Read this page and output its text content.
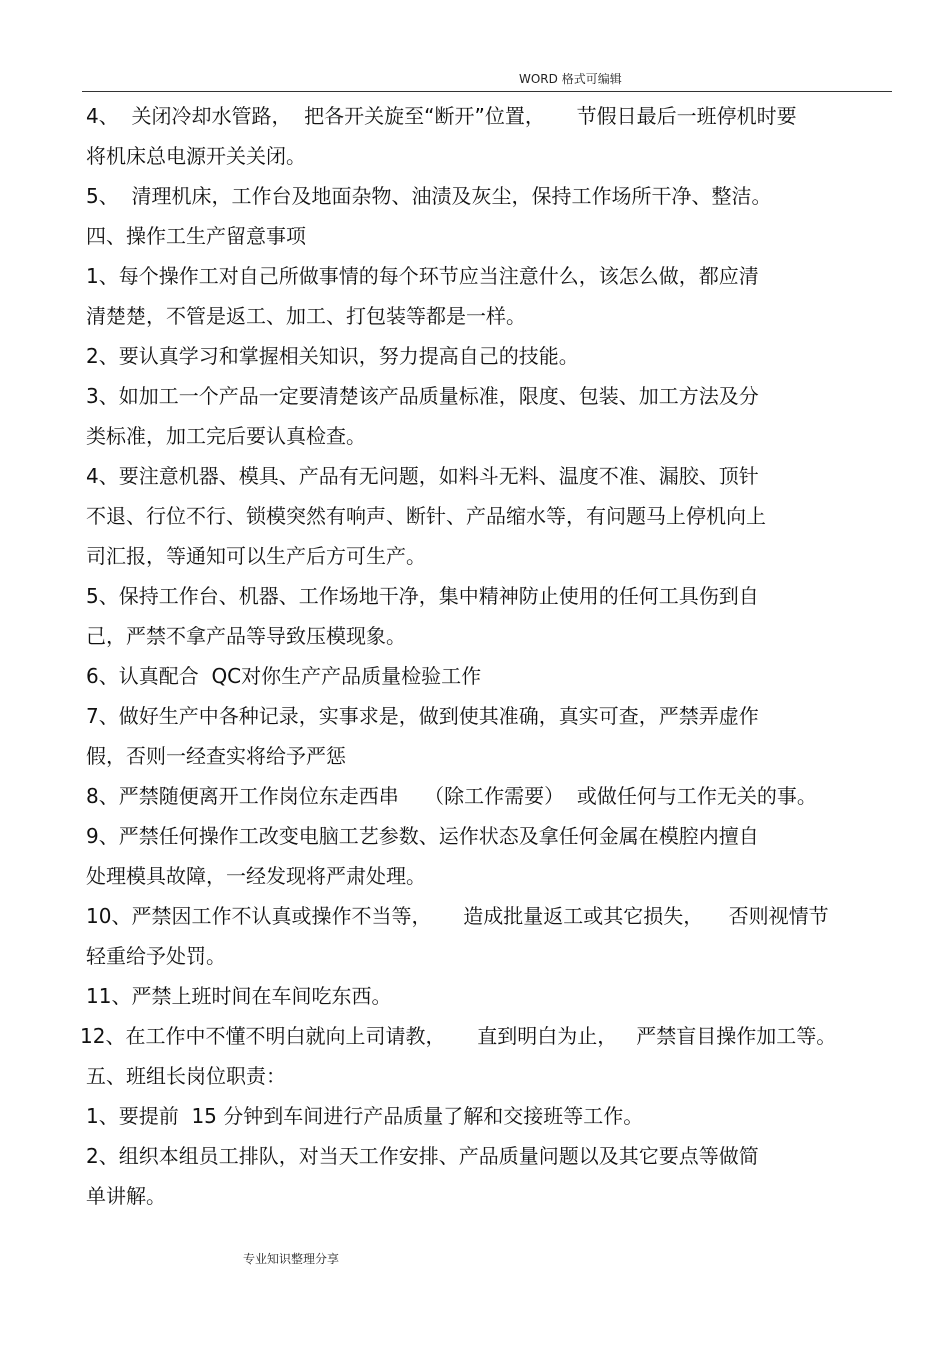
WORD 格式可编辑
4、  关闭冷却水管路，  把各开关旋至“断开”位置，     节假日最后一班停机时要
将机床总电源开关关闭。
5、  清理机床，工作台及地面杂物、油渍及灰尘，保持工作场所干净、整洁。
四、操作工生产留意事项
1、每个操作工对自己所做事情的每个环节应当注意什么，该怎么做，都应清
清楚楚，不管是返工、加工、打包装等都是一样。
2、要认真学习和掌握相关知识，努力提高自己的技能。
3、如加工一个产品一定要清楚该产品质量标准，限度、包装、加工方法及分
类标准，加工完后要认真检查。
4、要注意机器、模具、产品有无问题，如料斗无料、温度不准、漏胶、顶针
不退、行位不行、锁模突然有响声、断针、产品缩水等，有问题马上停机向上
司汇报，等通知可以生产后方可生产。
5、保持工作台、机器、工作场地干净，集中精神防止使用的任何工具伤到自
己，严禁不拿产品等导致压模现象。
6、认真配合  QC对你生产产品质量检验工作
7、做好生产中各种记录，实事求是，做到使其准确，真实可查，严禁弄虚作
假，否则一经查实将给予严惩
8、严禁随便离开工作岗位东走西串    （除工作需要）  或做任何与工作无关的事。
9、严禁任何操作工改变电脑工艺参数、运作状态及拿任何金属在模腔内擅自
处理模具故障，一经发现将严肃处理。
10、严禁因工作不认真或操作不当等，     造成批量返工或其它损失，    否则视情节
轻重给予处罚。
11、严禁上班时间在车间吃东西。
12、在工作中不懂不明白就向上司请教，     直到明白为止，   严禁盲目操作加工等。
五、班组长岗位职责：
1、要提前  15 分钟到车间进行产品质量了解和交接班等工作。
2、组织本组员工排队，对当天工作安排、产品质量问题以及其它要点等做简
单讲解。
专业知识整理分享
